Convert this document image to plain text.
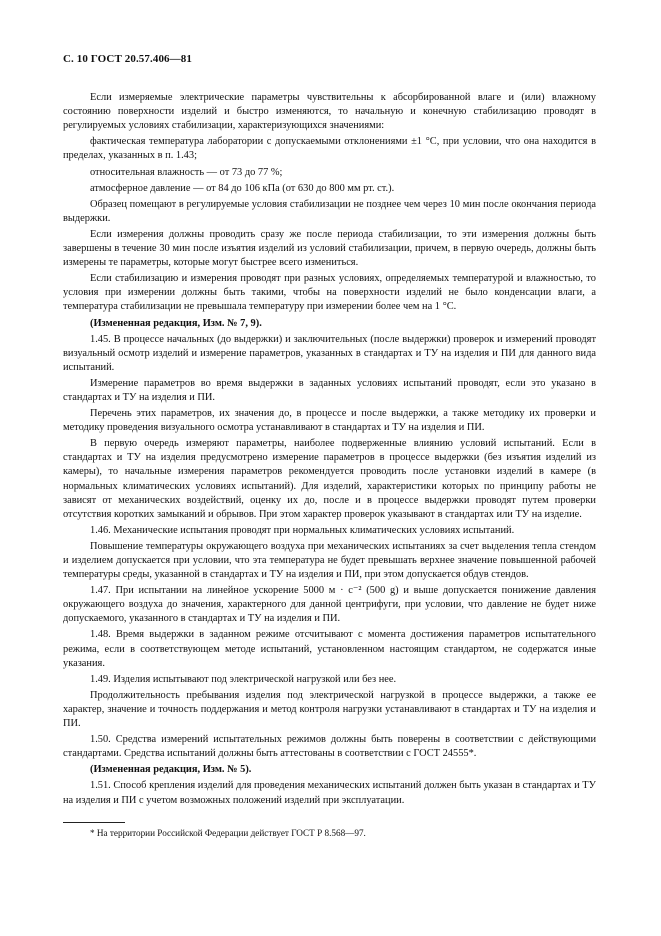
С. 10 ГОСТ 20.57.406—81

Если измеряемые электрические параметры чувствительны к абсорбированной влаге и (или) влажному состоянию поверхности изделий и быстро изменяются, то начальную и конечную стабилизацию проводят в регулируемых условиях стабилизации, характеризующихся значениями:

фактическая температура лаборатории с допускаемыми отклонениями ±1 °С, при условии, что она находится в пределах, указанных в п. 1.43;

относительная влажность — от 73 до 77 %;

атмосферное давление — от 84 до 106 кПа (от 630 до 800 мм рт. ст.).

Образец помещают в регулируемые условия стабилизации не позднее чем через 10 мин после окончания периода выдержки.

Если измерения должны проводить сразу же после периода стабилизации, то эти измерения должны быть завершены в течение 30 мин после изъятия изделий из условий стабилизации, причем, в первую очередь, должны быть измерены те параметры, которые могут быстрее всего измениться.

Если стабилизацию и измерения проводят при разных условиях, определяемых температурой и влажностью, то условия при измерении должны быть такими, чтобы на поверхности изделий не было конденсации влаги, а температура стабилизации не превышала температуру при измерении более чем на 1 °С.

(Измененная редакция, Изм. № 7, 9).

1.45. В процессе начальных (до выдержки) и заключительных (после выдержки) проверок и измерений проводят визуальный осмотр изделий и измерение параметров, указанных в стандартах и ТУ на изделия и ПИ для данного вида испытаний.

Измерение параметров во время выдержки в заданных условиях испытаний проводят, если это указано в стандартах и ТУ на изделия и ПИ.

Перечень этих параметров, их значения до, в процессе и после выдержки, а также методику их проверки и методику проведения визуального осмотра устанавливают в стандартах и ТУ на изделия и ПИ.

В первую очередь измеряют параметры, наиболее подверженные влиянию условий испытаний. Если в стандартах и ТУ на изделия предусмотрено измерение параметров в процессе выдержки (без изъятия изделий из камеры), то начальные измерения параметров рекомендуется проводить после установки изделий в камере (в нормальных климатических условиях испытаний). Для изделий, характеристики которых по принципу работы не зависят от механических воздействий, оценку их до, после и в процессе выдержки проводят путем проверки отсутствия коротких замыканий и обрывов. При этом характер проверок указывают в стандартах или ТУ на изделие.

1.46. Механические испытания проводят при нормальных климатических условиях испытаний.

Повышение температуры окружающего воздуха при механических испытаниях за счет выделения тепла стендом и изделием допускается при условии, что эта температура не будет превышать верхнее значение повышенной рабочей температуры среды, указанной в стандартах и ТУ на изделия и ПИ, при этом допускается обдув стендов.

1.47. При испытании на линейное ускорение 5000 м · с⁻² (500 g) и выше допускается понижение давления окружающего воздуха до значения, характерного для данной центрифуги, при условии, что давление не будет ниже допускаемого, указанного в стандартах и ТУ на изделия и ПИ.

1.48. Время выдержки в заданном режиме отсчитывают с момента достижения параметров испытательного режима, если в соответствующем методе испытаний, установленном настоящим стандартом, не содержатся иные указания.

1.49. Изделия испытывают под электрической нагрузкой или без нее.

Продолжительность пребывания изделия под электрической нагрузкой в процессе выдержки, а также ее характер, значение и точность поддержания и метод контроля нагрузки устанавливают в стандартах и ТУ на изделия и ПИ.

1.50. Средства измерений испытательных режимов должны быть поверены в соответствии с действующими стандартами. Средства испытаний должны быть аттестованы в соответствии с ГОСТ 24555*.

(Измененная редакция, Изм. № 5).

1.51. Способ крепления изделий для проведения механических испытаний должен быть указан в стандартах и ТУ на изделия и ПИ с учетом возможных положений изделий при эксплуатации.

* На территории Российской Федерации действует ГОСТ Р 8.568—97.
